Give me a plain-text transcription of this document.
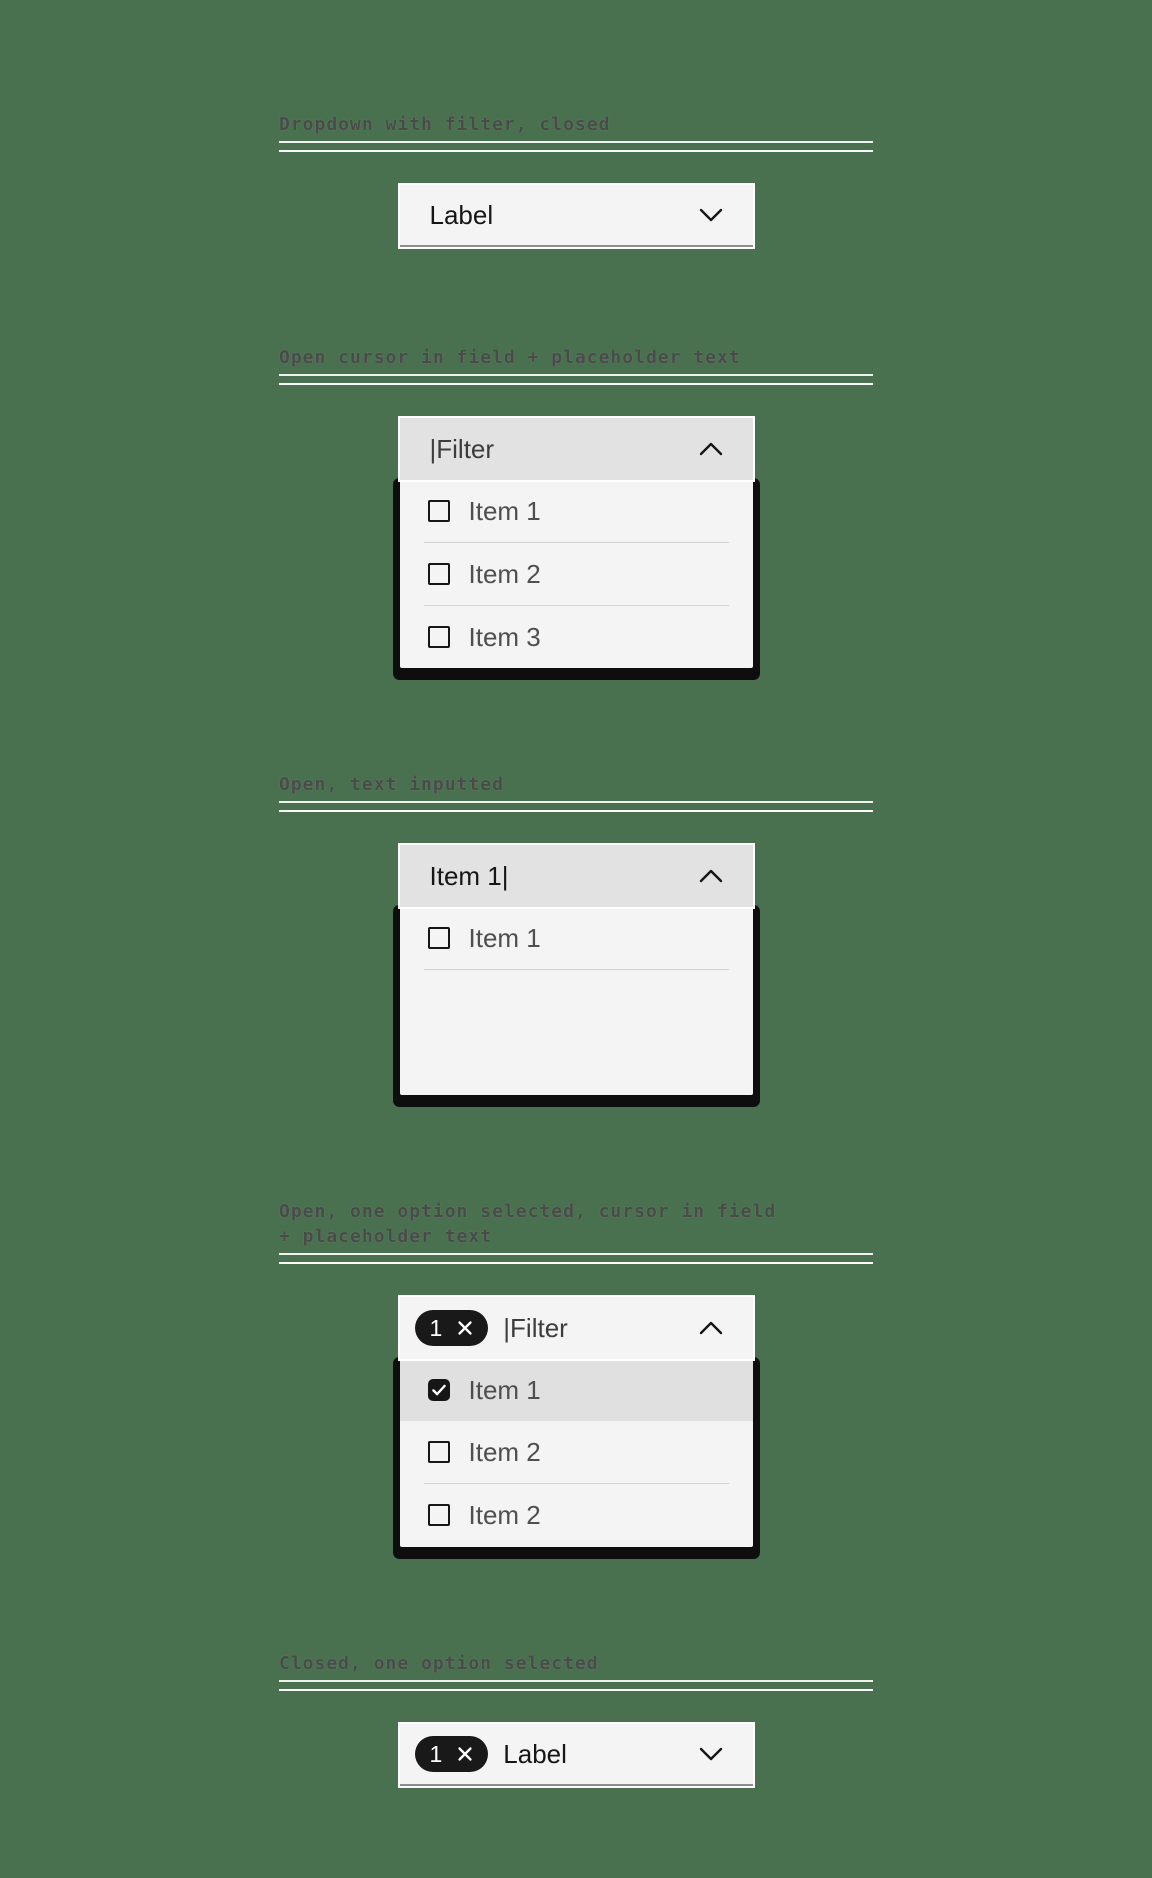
Dropdown with filter, closed
Label
Open cursor in field + placeholder text
|Filter
Item 1
Item 2
Item 3
Open, text inputted
Item 1|
Item 1
Open, one option selected, cursor in field
+ placeholder text
1 |Filter
Item 1
Item 2
Item 2
Closed, one option selected
1 Label
